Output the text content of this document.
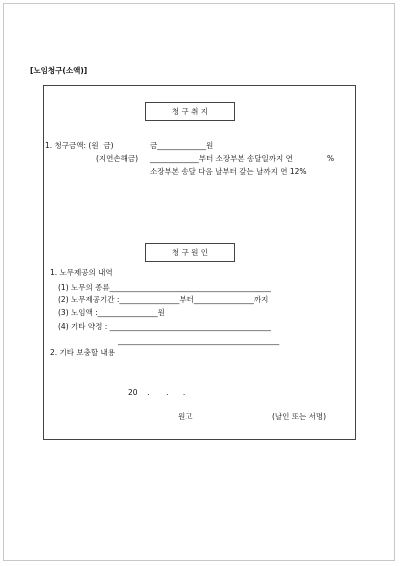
[노임청구(소액)]
청 구 취 지
1. 청구금액: (원  금)	금_____________원
(지연손해금) _____________부터 소장부본 송달일까지 연	%
소장부본 송달 다음 날부터 갚는 날까지 연 12%
청 구 원 인
1. 노무제공의 내역
(1) 노무의 종류___________________________________________
(2) 노무제공기간 :________________부터________________까지
(3) 노임액 :________________원
(4) 기타 약정 : ___________________________________________
___________________________________________
2. 기타 보충할 내용
20    .       .      .
원고	(날인 또는 서명)
